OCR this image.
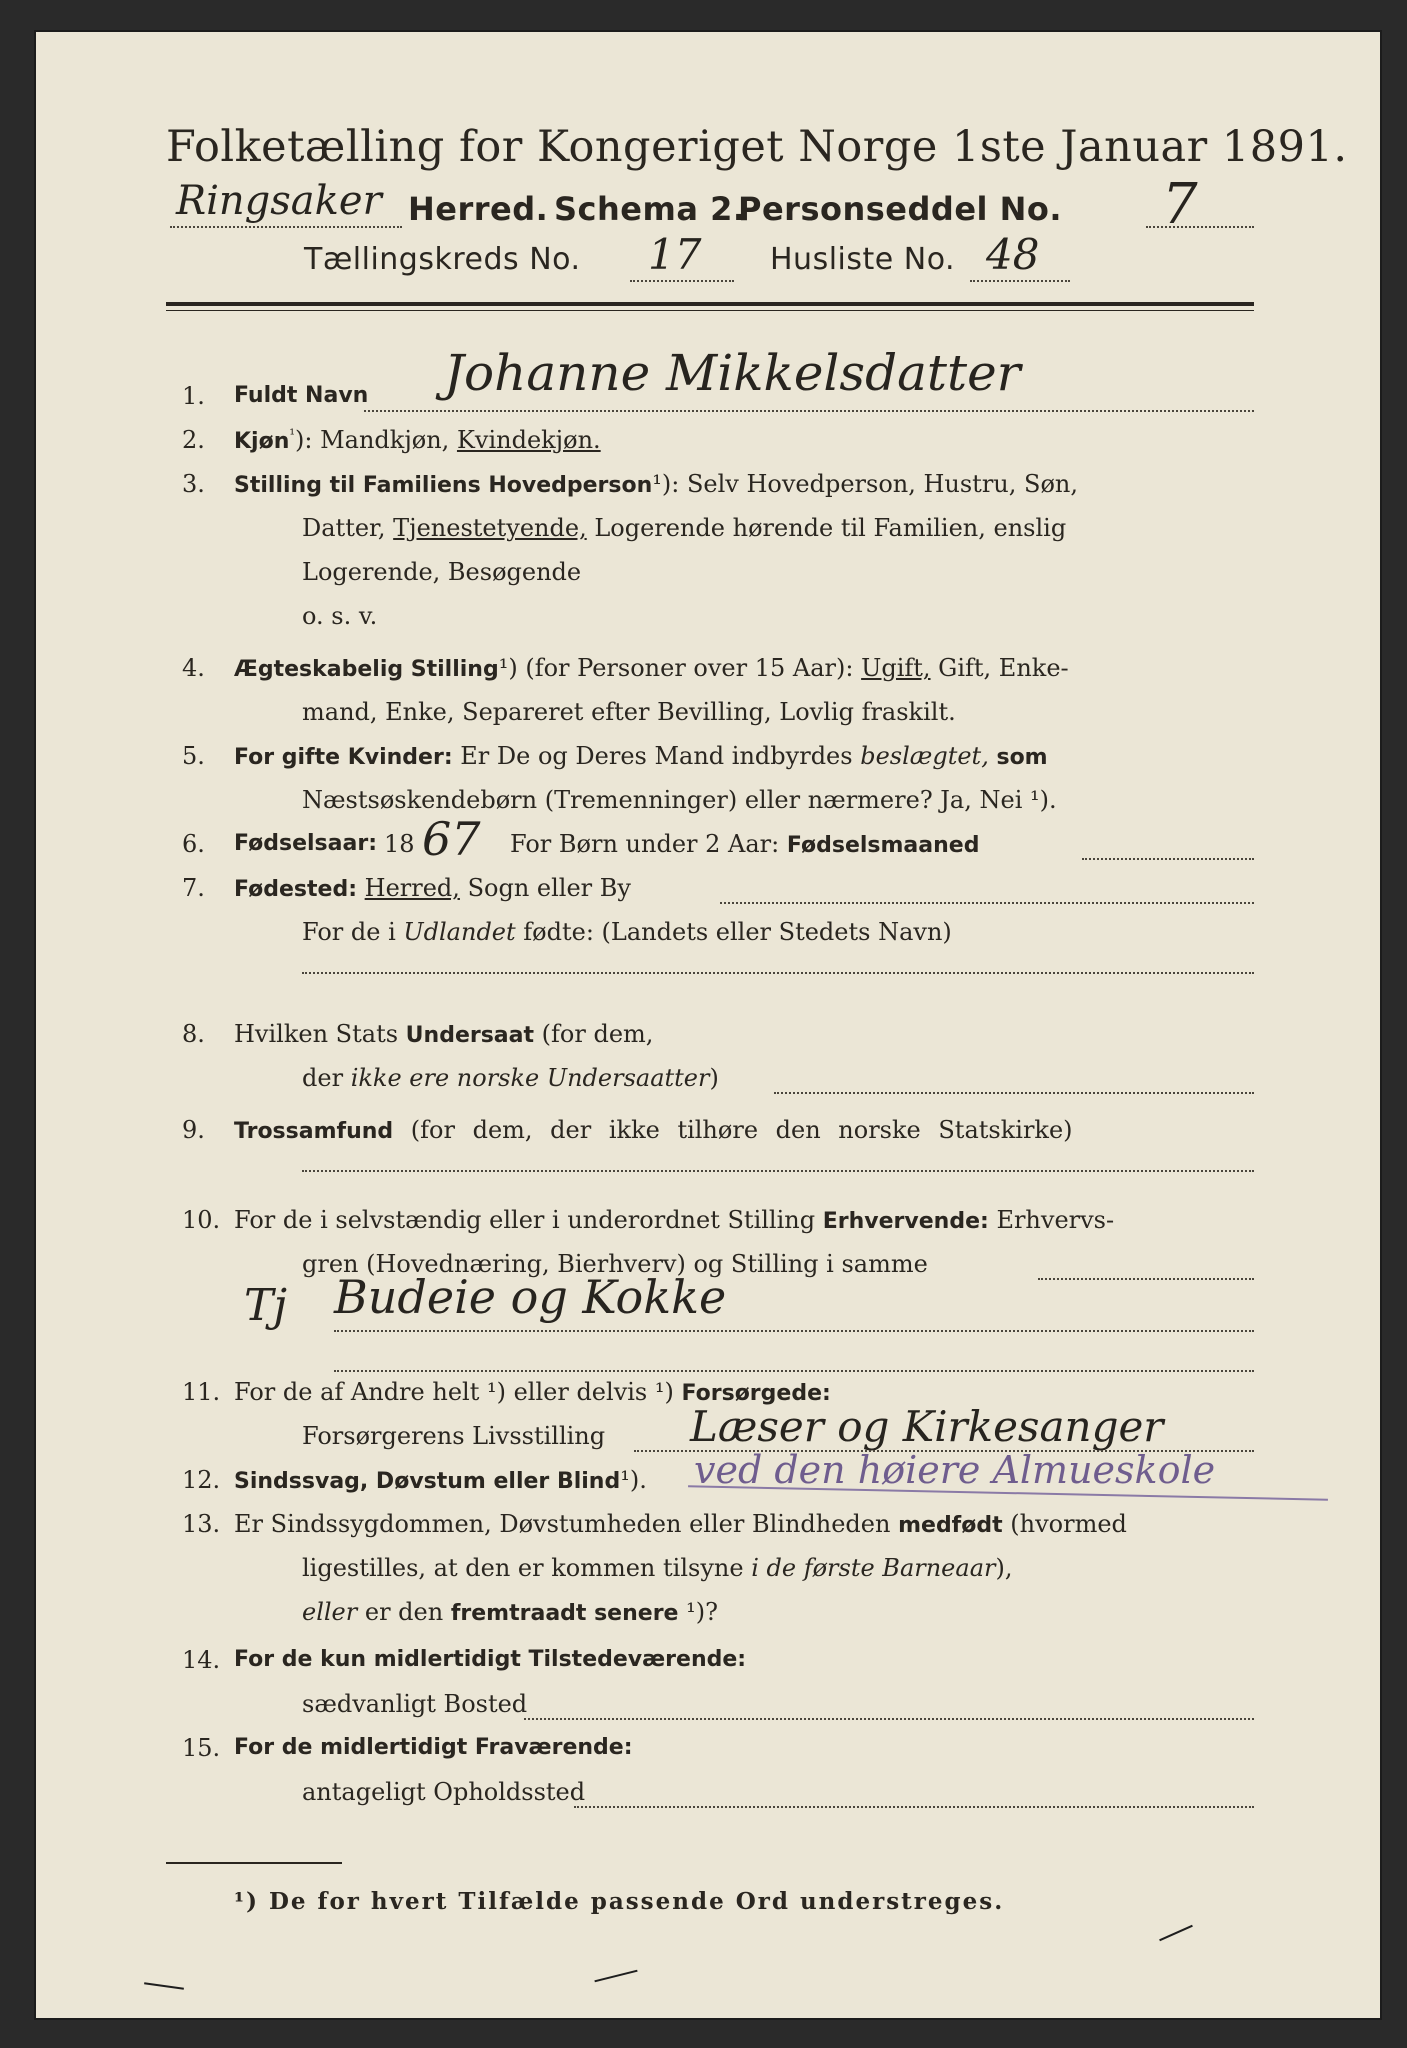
Folketælling for Kongeriget Norge 1ste Januar 1891.
Ringsaker Herred. Schema 2.
Personseddel No. 7
Tællingskreds No. 17 Husliste No. 48
1. Fuldt Navn Johanne Mikkelsdatter
2. Kjøn$^{^1}$): Mandkjøn, Kvindekjøn.
3. Stilling til Familiens Hovedperson¹): Selv Hovedperson, Hustru, Søn,
Datter, Tjenestetyende, Logerende hørende til Familien, enslig
Logerende, Besøgende
o. s. v.
4. Ægteskabelig Stilling¹) (for Personer over 15 Aar): Ugift, Gift, Enke-
mand, Enke, Separeret efter Bevilling, Lovlig fraskilt.
5. For gifte Kvinder: Er De og Deres Mand indbyrdes beslægtet, som
Næstsøskendebørn (Tremenninger) eller nærmere? Ja, Nei ¹).
6. Fødselsaar: 18 67 For Børn under 2 Aar: Fødselsmaaned
7. Fødested: Herred, Sogn eller By
For de i Udlandet fødte: (Landets eller Stedets Navn)
8. Hvilken Stats Undersaat (for dem,
der ikke ere norske Undersaatter)
9. Trossamfund (for dem, der ikke tilhøre den norske Statskirke)
10. For de i selvstændig eller i underordnet Stilling Erhvervende: Erhvervs-
gren (Hovednæring, Bierhverv) og Stilling i samme
Tj Budeie og Kokke
11. For de af Andre helt ¹) eller delvis ¹) Forsørgede:
Forsørgerens Livsstilling Læser og Kirkesanger
12. Sindssvag, Døvstum eller Blind¹). ved den høiere Almueskole
13. Er Sindssygdommen, Døvstumheden eller Blindheden medfødt (hvormed
ligestilles, at den er kommen tilsyne i de første Barneaar),
eller er den fremtraadt senere ¹)?
14. For de kun midlertidigt Tilstedeværende:
sædvanligt Bosted
15. For de midlertidigt Fraværende:
antageligt Opholdssted
¹) De for hvert Tilfælde passende Ord understreges.
